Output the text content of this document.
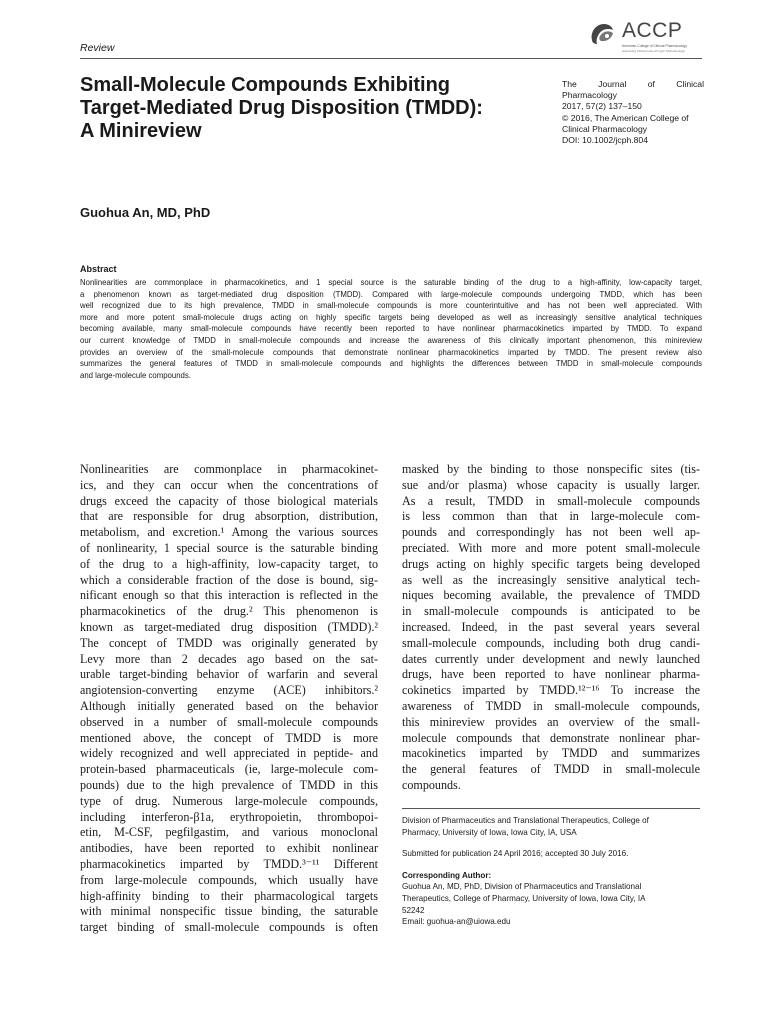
Review
ACCP
American College of Clinical Pharmacology
Advancing Clinical Care through Pharmacology
Small-Molecule Compounds Exhibiting
Target-Mediated Drug Disposition (TMDD):
A Minireview
The Journal of Clinical Pharmacology
2017, 57(2) 137–150
© 2016, The American College of
Clinical Pharmacology
DOI: 10.1002/jcph.804
Guohua An, MD, PhD
Abstract
Nonlinearities are commonplace in pharmacokinetics, and 1 special source is the saturable binding of the drug to a high-affinity, low-capacity target,
a phenomenon known as target-mediated drug disposition (TMDD). Compared with large-molecule compounds undergoing TMDD, which has been
well recognized due to its high prevalence, TMDD in small-molecule compounds is more counterintuitive and has not been well appreciated. With
more and more potent small-molecule drugs acting on highly specific targets being developed as well as increasingly sensitive analytical techniques
becoming available, many small-molecule compounds have recently been reported to have nonlinear pharmacokinetics imparted by TMDD. To expand
our current knowledge of TMDD in small-molecule compounds and increase the awareness of this clinically important phenomenon, this minireview
provides an overview of the small-molecule compounds that demonstrate nonlinear pharmacokinetics imparted by TMDD. The present review also
summarizes the general features of TMDD in small-molecule compounds and highlights the differences between TMDD in small-molecule compounds
and large-molecule compounds.
Nonlinearities are commonplace in pharmacokinet-
ics, and they can occur when the concentrations of
drugs exceed the capacity of those biological materials
that are responsible for drug absorption, distribution,
metabolism, and excretion.¹ Among the various sources
of nonlinearity, 1 special source is the saturable binding
of the drug to a high-affinity, low-capacity target, to
which a considerable fraction of the dose is bound, sig-
nificant enough so that this interaction is reflected in the
pharmacokinetics of the drug.² This phenomenon is
known as target-mediated drug disposition (TMDD).²
The concept of TMDD was originally generated by
Levy more than 2 decades ago based on the sat-
urable target-binding behavior of warfarin and several
angiotension-converting enzyme (ACE) inhibitors.²
Although initially generated based on the behavior
observed in a number of small-molecule compounds
mentioned above, the concept of TMDD is more
widely recognized and well appreciated in peptide- and
protein-based pharmaceuticals (ie, large-molecule com-
pounds) due to the high prevalence of TMDD in this
type of drug. Numerous large-molecule compounds,
including interferon-β1a, erythropoietin, thrombopoi-
etin, M-CSF, pegfilgastim, and various monoclonal
antibodies, have been reported to exhibit nonlinear
pharmacokinetics imparted by TMDD.³⁻¹¹ Different
from large-molecule compounds, which usually have
high-affinity binding to their pharmacological targets
with minimal nonspecific tissue binding, the saturable
target binding of small-molecule compounds is often
masked by the binding to those nonspecific sites (tis-
sue and/or plasma) whose capacity is usually larger.
As a result, TMDD in small-molecule compounds
is less common than that in large-molecule com-
pounds and correspondingly has not been well ap-
preciated. With more and more potent small-molecule
drugs acting on highly specific targets being developed
as well as the increasingly sensitive analytical tech-
niques becoming available, the prevalence of TMDD
in small-molecule compounds is anticipated to be
increased. Indeed, in the past several years several
small-molecule compounds, including both drug candi-
dates currently under development and newly launched
drugs, have been reported to have nonlinear pharma-
cokinetics imparted by TMDD.¹²⁻¹⁶ To increase the
awareness of TMDD in small-molecule compounds,
this minireview provides an overview of the small-
molecule compounds that demonstrate nonlinear phar-
macokinetics imparted by TMDD and summarizes
the general features of TMDD in small-molecule
compounds.
Division of Pharmaceutics and Translational Therapeutics, College of
Pharmacy, University of Iowa, Iowa City, IA, USA
Submitted for publication 24 April 2016; accepted 30 July 2016.
Corresponding Author:
Guohua An, MD, PhD, Division of Pharmaceutics and Translational
Therapeutics, College of Pharmacy, University of Iowa, Iowa City, IA
52242
Email: guohua-an@uiowa.edu
